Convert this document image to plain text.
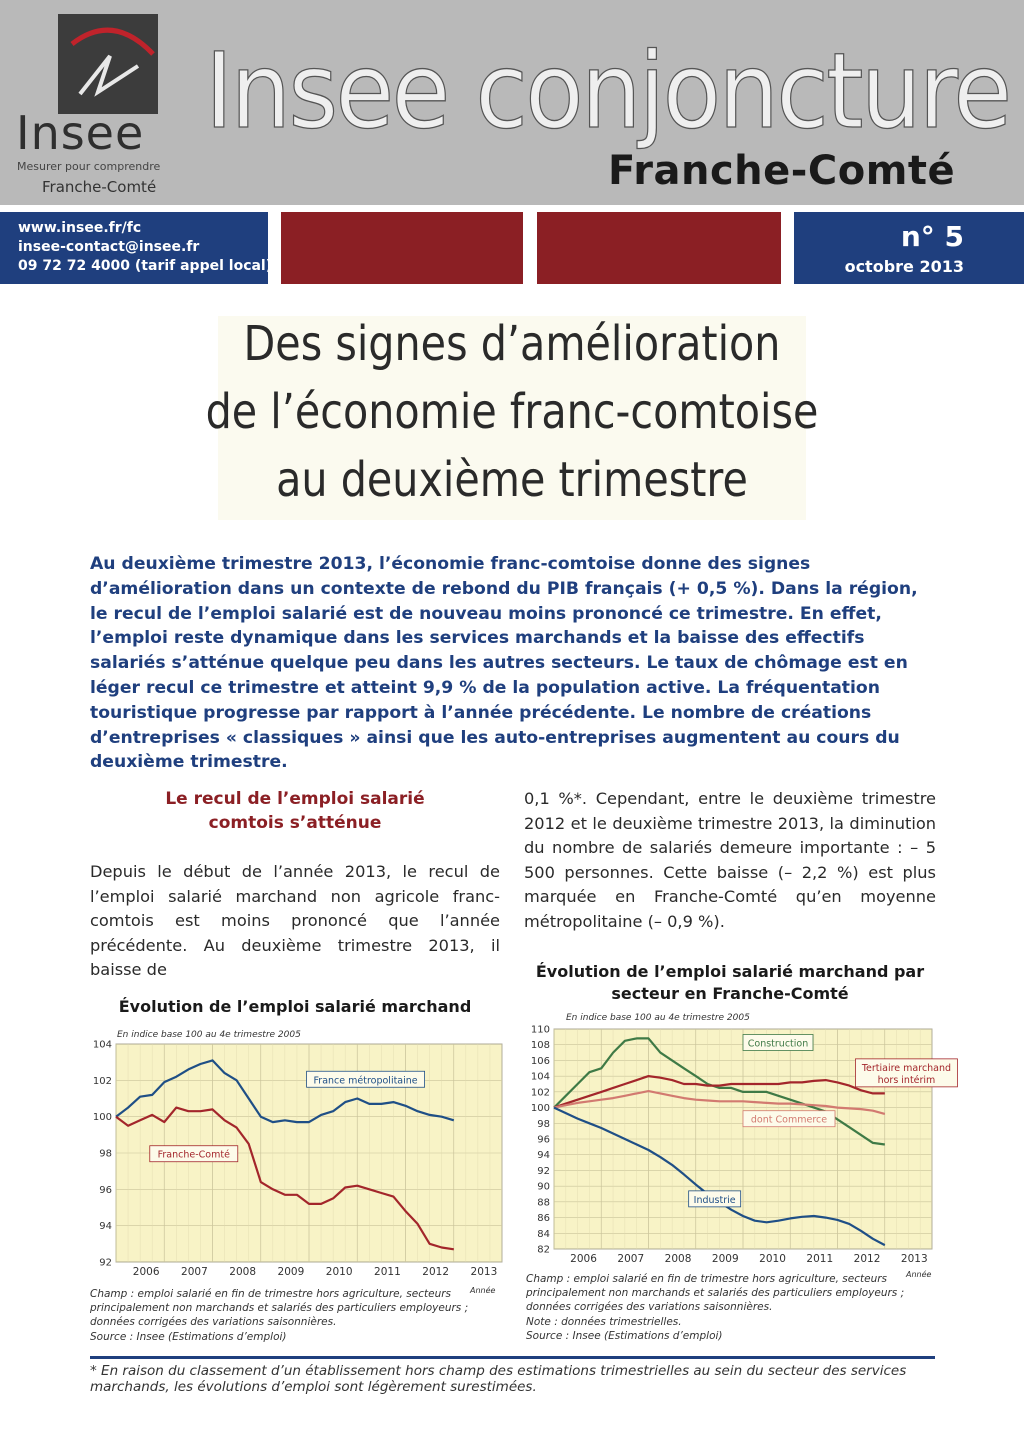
Insee
Mesurer pour comprendre
Franche-Comté
Insee conjoncture
Franche-Comté
www.insee.fr/fc
insee-contact@insee.fr
09 72 72 4000 (tarif appel local)
n° 5
octobre 2013
Des signes d’amélioration
de l’économie franc-comtoise
au deuxième trimestre
Au deuxième trimestre 2013, l’économie franc-comtoise donne des signes d’amélioration dans un contexte de rebond du PIB français (+ 0,5 %). Dans la région, le recul de l’emploi salarié est de nouveau moins prononcé ce trimestre. En effet, l’emploi reste dynamique dans les services marchands et la baisse des effectifs salariés s’atténue quelque peu dans les autres secteurs. Le taux de chômage est en léger recul ce trimestre et atteint 9,9 % de la population active. La fréquentation touristique progresse par rapport à l’année précédente. Le nombre de créations d’entreprises « classiques » ainsi que les auto-entreprises augmentent au cours du deuxième trimestre.
Le recul de l’emploi salarié comtois s’atténue
Depuis le début de l’année 2013, le recul de l’emploi salarié marchand non agricole franc-comtois est moins prononcé que l’année précédente. Au deuxième trimestre 2013, il baisse de
0,1 %*. Cependant, entre le deuxième trimestre 2012 et le deuxième trimestre 2013, la diminution du nombre de salariés demeure importante : – 5 500 personnes. Cette baisse (– 2,2 %) est plus marquée en Franche-Comté qu’en moyenne métropolitaine (– 0,9 %).
Évolution de l’emploi salarié marchand
En indice base 100 au 4e trimestre 2005
92
94
96
98
100
102
104
2006 2007 2008 2009 2010 2011 2012 2013
France métropolitaine
Franche-Comté
Année
Champ : emploi salarié en fin de trimestre hors agriculture, secteurs
principalement non marchands et salariés des particuliers employeurs ;
données corrigées des variations saisonnières.
Source : Insee (Estimations d’emploi)
Évolution de l’emploi salarié marchand par secteur en Franche-Comté
En indice base 100 au 4e trimestre 2005
82
84
86
88
90
92
94
96
98
100
102
104
106
108
110
2006 2007 2008 2009 2010 2011 2012 2013
Construction
Tertiaire marchand
hors intérim
dont Commerce
Industrie
Année
Champ : emploi salarié en fin de trimestre hors agriculture, secteurs
principalement non marchands et salariés des particuliers employeurs ;
données corrigées des variations saisonnières.
Note : données trimestrielles.
Source : Insee (Estimations d’emploi)
* En raison du classement d’un établissement hors champ des estimations trimestrielles au sein du secteur des services marchands, les évolutions d’emploi sont légèrement surestimées.
